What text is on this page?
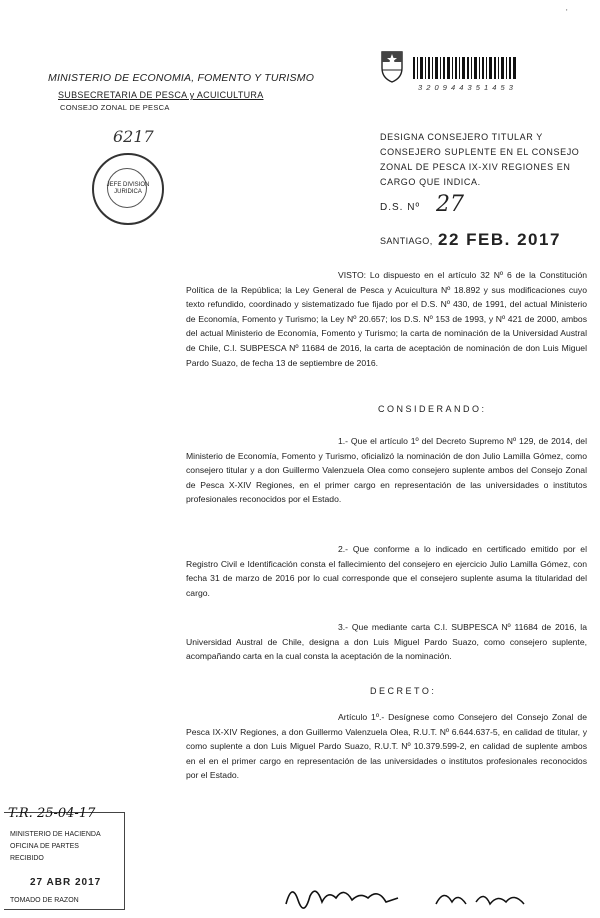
MINISTERIO DE ECONOMIA, FOMENTO Y TURISMO
SUBSECRETARIA DE PESCA y ACUICULTURA
CONSEJO ZONAL DE PESCA
6217
JEFE DIVISION JURIDICA
3 2 0 9 4 4 3 5 1 4 5 3
'
DESIGNA CONSEJERO TITULAR Y CONSEJERO SUPLENTE EN EL CONSEJO ZONAL DE PESCA IX-XIV REGIONES EN CARGO QUE INDICA.
D.S. Nº 27
SANTIAGO, 22 FEB. 2017
VISTO: Lo dispuesto en el artículo 32 Nº 6 de la Constitución Política de la República; la Ley General de Pesca y Acuicultura Nº 18.892 y sus modificaciones cuyo texto refundido, coordinado y sistematizado fue fijado por el D.S. Nº 430, de 1991, del actual Ministerio de Economía, Fomento y Turismo; la Ley Nº 20.657; los D.S. Nº 153 de 1993, y Nº 421 de 2000, ambos del actual Ministerio de Economía, Fomento y Turismo; la carta de nominación de la Universidad Austral de Chile, C.I. SUBPESCA Nº 11684 de 2016, la carta de aceptación de nominación de don Luis Miguel Pardo Suazo, de fecha 13 de septiembre de 2016.
CONSIDERANDO:
1.- Que el artículo 1º del Decreto Supremo Nº 129, de 2014, del Ministerio de Economía, Fomento y Turismo, oficializó la nominación de don Julio Lamilla Gómez, como consejero titular y a don Guillermo Valenzuela Olea como consejero suplente ambos del Consejo Zonal de Pesca X-XIV Regiones, en el primer cargo en representación de las universidades o institutos profesionales reconocidos por el Estado.
2.- Que conforme a lo indicado en certificado emitido por el Registro Civil e Identificación consta el fallecimiento del consejero en ejercicio Julio Lamilla Gómez, con fecha 31 de marzo de 2016 por lo cual corresponde que el consejero suplente asuma la titularidad del cargo.
3.- Que mediante carta C.I. SUBPESCA Nº 11684 de 2016, la Universidad Austral de Chile, designa a don Luis Miguel Pardo Suazo, como consejero suplente, acompañando carta en la cual consta la aceptación de la nominación.
DECRETO:
Artículo 1º.- Desígnese como Consejero del Consejo Zonal de Pesca IX-XIV Regiones, a don Guillermo Valenzuela Olea, R.U.T. Nº 6.644.637-5, en calidad de titular, y como suplente a don Luis Miguel Pardo Suazo, R.U.T. Nº 10.379.599-2, en calidad de suplente ambos en el en el primer cargo en representación de las universidades o institutos profesionales reconocidos por el Estado.
MINISTERIO DE HACIENDA
OFICINA DE PARTES
RECIBIDO
27 ABR 2017
TOMADO DE RAZON
T.R. 25-04-17
